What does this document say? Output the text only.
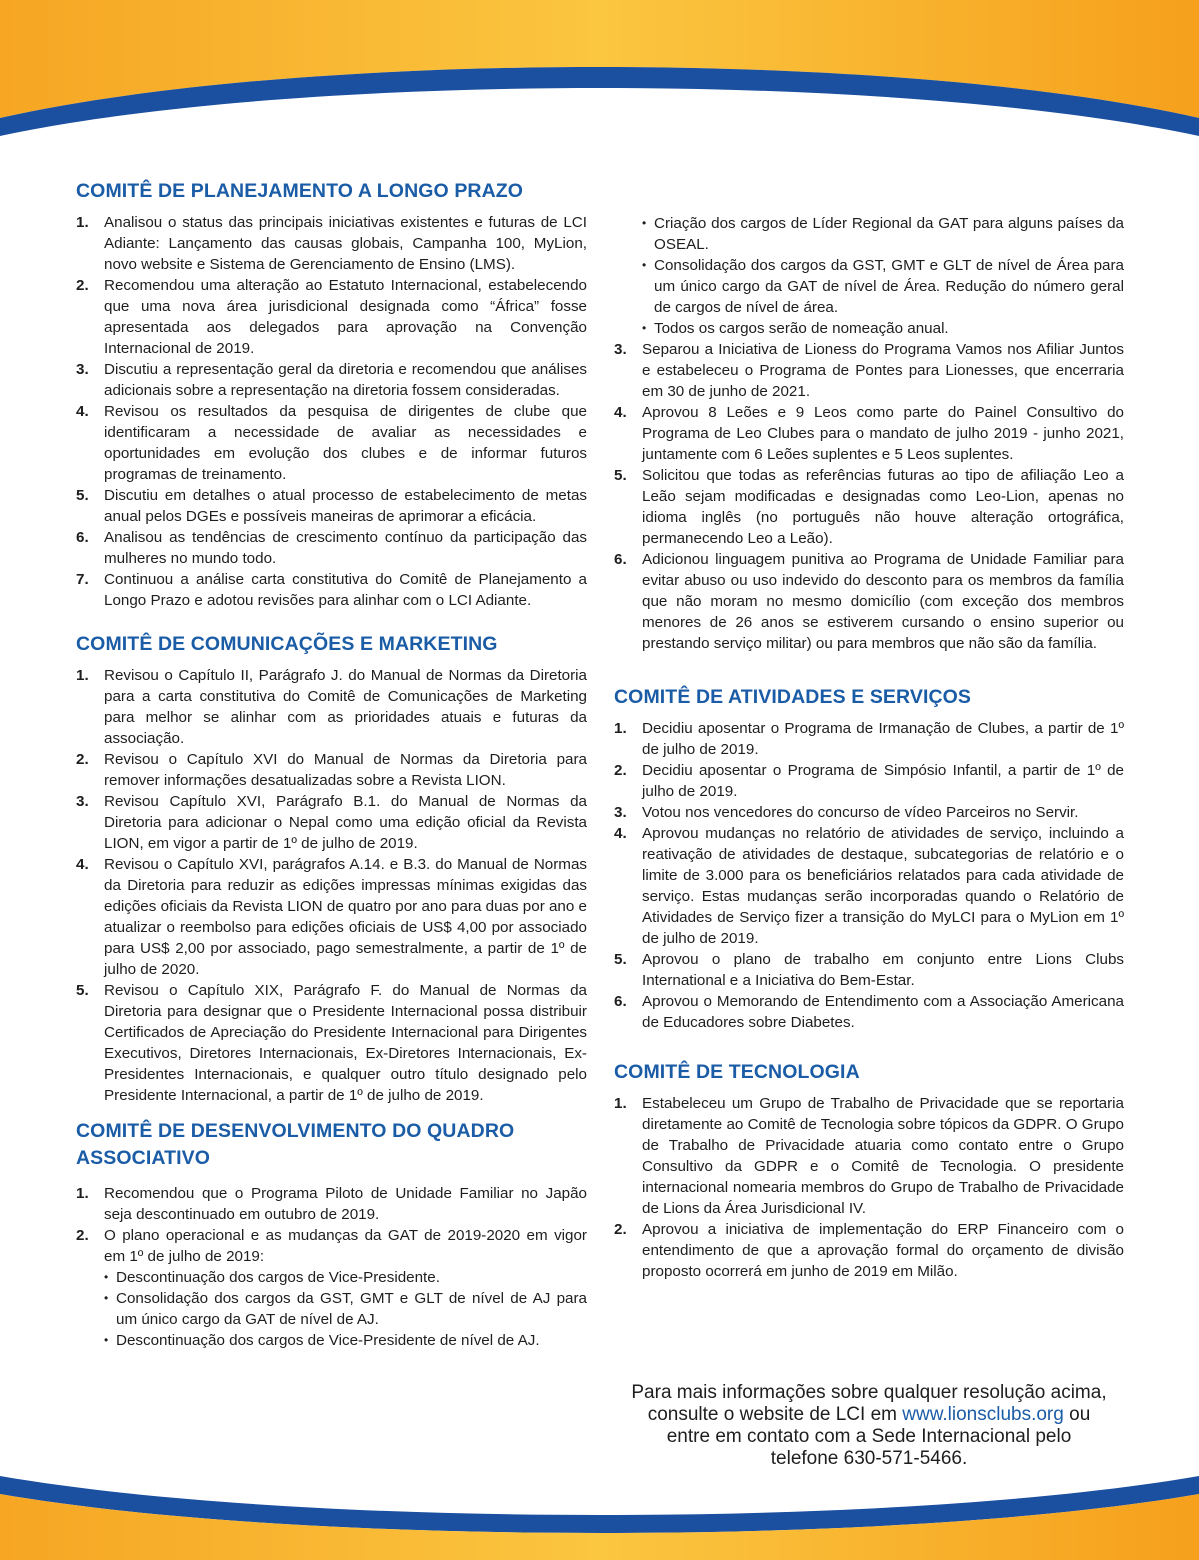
COMITÊ DE PLANEJAMENTO A LONGO PRAZO
1.	Analisou o status das principais iniciativas existentes e futuras de LCI Adiante: Lançamento das causas globais, Campanha 100, MyLion, novo website e Sistema de Gerenciamento de Ensino (LMS).
2.	Recomendou uma alteração ao Estatuto Internacional, estabelecendo que uma nova área jurisdicional designada como “África” fosse apresentada aos delegados para aprovação na Convenção Internacional de 2019.
3.	Discutiu a representação geral da diretoria e recomendou que análises adicionais sobre a representação na diretoria fossem consideradas.
4.	Revisou os resultados da pesquisa de dirigentes de clube que identificaram a necessidade de avaliar as necessidades e oportunidades em evolução dos clubes e de informar futuros programas de treinamento.
5.	Discutiu em detalhes o atual processo de estabelecimento de metas anual pelos DGEs e possíveis maneiras de aprimorar a eficácia.
6.	Analisou as tendências de crescimento contínuo da participação das mulheres no mundo todo.
7.	Continuou a análise carta constitutiva do Comitê de Planejamento a Longo Prazo e adotou revisões para alinhar com o LCI Adiante.
COMITÊ DE COMUNICAÇÕES E MARKETING
1.	Revisou o Capítulo II, Parágrafo J. do Manual de Normas da Diretoria para a carta constitutiva do Comitê de Comunicações de Marketing para melhor se alinhar com as prioridades atuais e futuras da associação.
2.	Revisou o Capítulo XVI do Manual de Normas da Diretoria para remover informações desatualizadas sobre a Revista LION.
3.	Revisou Capítulo XVI, Parágrafo B.1. do Manual de Normas da Diretoria para adicionar o Nepal como uma edição oficial da Revista LION, em vigor a partir de 1º de julho de 2019.
4.	Revisou o Capítulo XVI, parágrafos A.14. e B.3. do Manual de Normas da Diretoria para reduzir as edições impressas mínimas exigidas das edições oficiais da Revista LION de quatro por ano para duas por ano e atualizar o reembolso para edições oficiais de US$ 4,00 por associado para US$ 2,00 por associado, pago semestralmente, a partir de 1º de julho de 2020.
5.	Revisou o Capítulo XIX, Parágrafo F. do Manual de Normas da Diretoria para designar que o Presidente Internacional possa distribuir Certificados de Apreciação do Presidente Internacional para Dirigentes Executivos, Diretores Internacionais, Ex-Diretores Internacionais, Ex-Presidentes Internacionais, e qualquer outro título designado pelo Presidente Internacional, a partir de 1º de julho de 2019.
COMITÊ DE DESENVOLVIMENTO DO QUADRO ASSOCIATIVO
1.	Recomendou que o Programa Piloto de Unidade Familiar no Japão seja descontinuado em outubro de 2019.
2.	O plano operacional e as mudanças da GAT de 2019-2020 em vigor em 1º de julho de 2019:
• Descontinuação dos cargos de Vice-Presidente.
• Consolidação dos cargos da GST, GMT e GLT de nível de AJ para um único cargo da GAT de nível de AJ.
• Descontinuação dos cargos de Vice-Presidente de nível de AJ.
• Criação dos cargos de Líder Regional da GAT para alguns países da OSEAL.
• Consolidação dos cargos da GST, GMT e GLT de nível de Área para um único cargo da GAT de nível de Área. Redução do número geral de cargos de nível de área.
• Todos os cargos serão de nomeação anual.
3.	Separou a Iniciativa de Lioness do Programa Vamos nos Afiliar Juntos e estabeleceu o Programa de Pontes para Lionesses, que encerraria em 30 de junho de 2021.
4.	Aprovou 8 Leões e 9 Leos como parte do Painel Consultivo do Programa de Leo Clubes para o mandato de julho 2019 - junho 2021, juntamente com 6 Leões suplentes e 5 Leos suplentes.
5.	Solicitou que todas as referências futuras ao tipo de afiliação Leo a Leão sejam modificadas e designadas como Leo-Lion, apenas no idioma inglês (no português não houve alteração ortográfica, permanecendo Leo a Leão).
6.	Adicionou linguagem punitiva ao Programa de Unidade Familiar para evitar abuso ou uso indevido do desconto para os membros da família que não moram no mesmo domicílio (com exceção dos membros menores de 26 anos se estiverem cursando o ensino superior ou prestando serviço militar) ou para membros que não são da família.
COMITÊ DE ATIVIDADES E SERVIÇOS
1.	Decidiu aposentar o Programa de Irmanação de Clubes, a partir de 1º de julho de 2019.
2.	Decidiu aposentar o Programa de Simpósio Infantil, a partir de 1º de julho de 2019.
3.	Votou nos vencedores do concurso de vídeo Parceiros no Servir.
4.	Aprovou mudanças no relatório de atividades de serviço, incluindo a reativação de atividades de destaque, subcategorias de relatório e o limite de 3.000 para os beneficiários relatados para cada atividade de serviço. Estas mudanças serão incorporadas quando o Relatório de Atividades de Serviço fizer a transição do MyLCI para o MyLion em 1º de julho de 2019.
5.	Aprovou o plano de trabalho em conjunto entre Lions Clubs International e a Iniciativa do Bem-Estar.
6.	Aprovou o Memorando de Entendimento com a Associação Americana de Educadores sobre Diabetes.
COMITÊ DE TECNOLOGIA
1.	Estabeleceu um Grupo de Trabalho de Privacidade que se reportaria diretamente ao Comitê de Tecnologia sobre tópicos da GDPR. O Grupo de Trabalho de Privacidade atuaria como contato entre o Grupo Consultivo da GDPR e o Comitê de Tecnologia. O presidente internacional nomearia membros do Grupo de Trabalho de Privacidade de Lions da Área Jurisdicional IV.
2.	Aprovou a iniciativa de implementação do ERP Financeiro com o entendimento de que a aprovação formal do orçamento de divisão proposto ocorrerá em junho de 2019 em Milão.
Para mais informações sobre qualquer resolução acima,
consulte o website de LCI em www.lionsclubs.org ou
entre em contato com a Sede Internacional pelo
telefone 630-571-5466.
